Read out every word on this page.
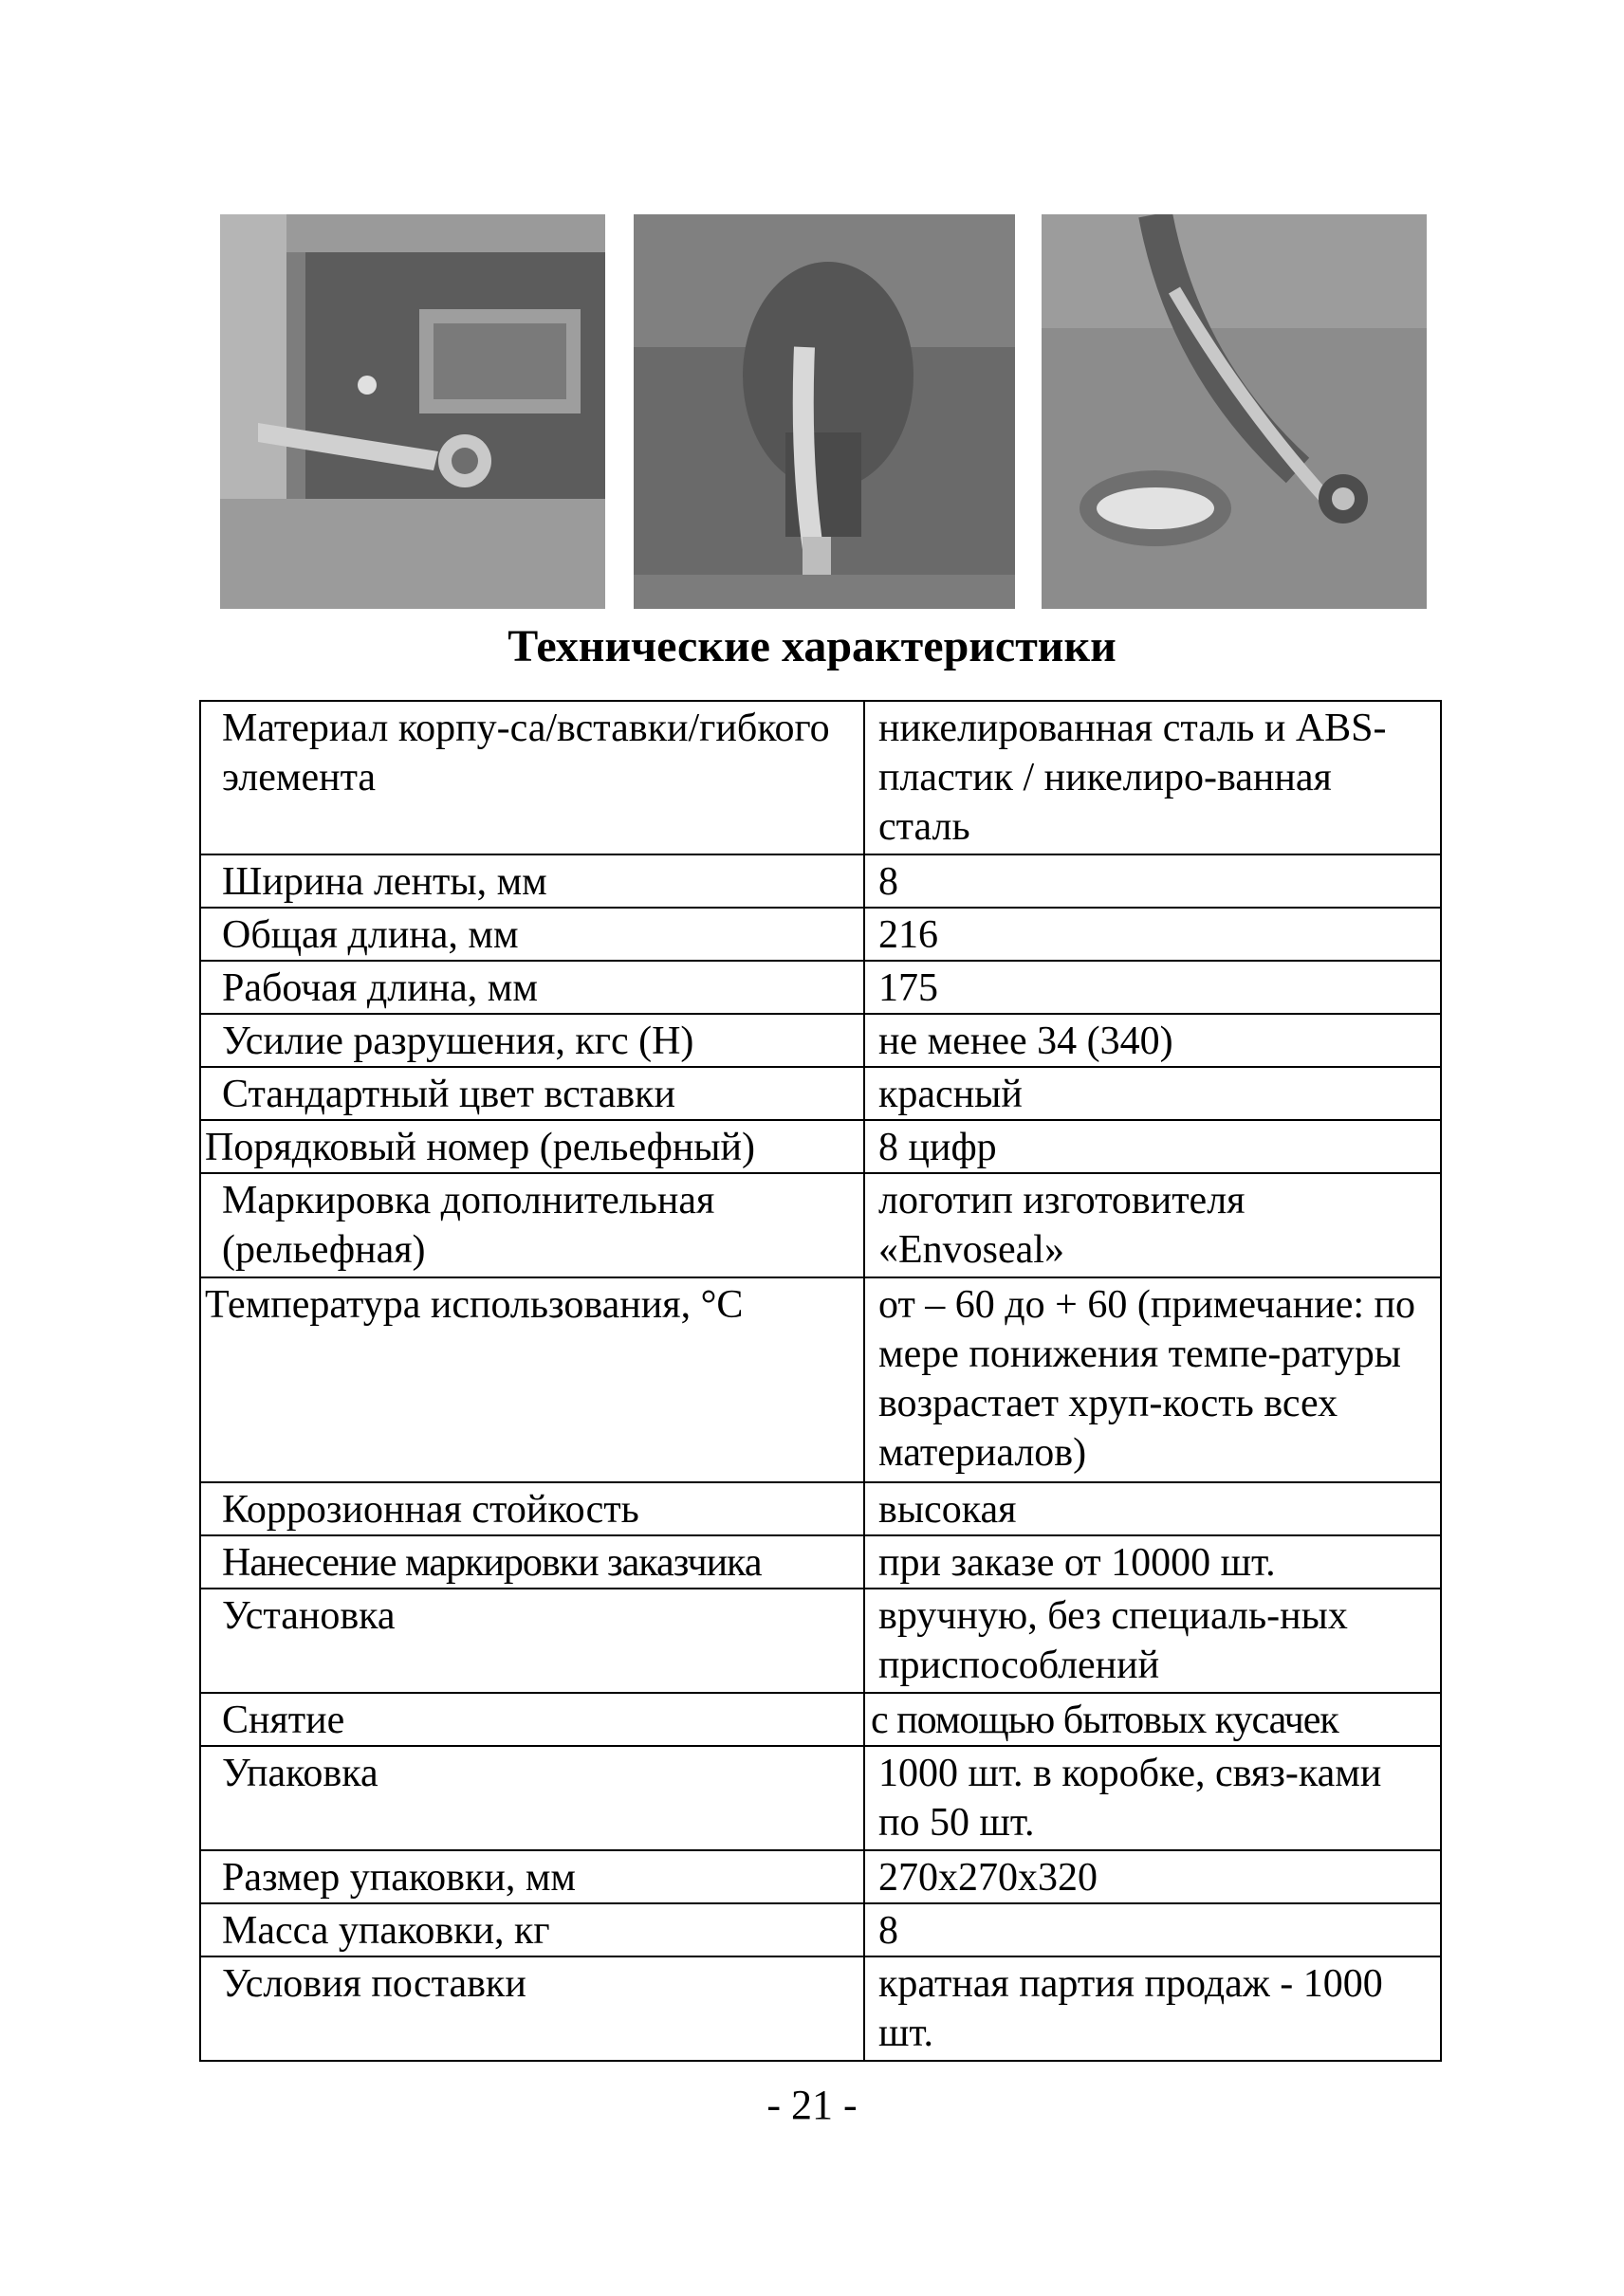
Технические характеристики
Материал корпу-са/вставки/гибкого элемента	никелированная сталь и ABS-пластик / никелиро-ванная сталь
Ширина ленты, мм	8
Общая длина, мм	216
Рабочая длина, мм	175
Усилие разрушения, кгс (Н)	не менее 34 (340)
Стандартный цвет вставки	красный
Порядковый номер (рельефный)	8 цифр
Маркировка дополнительная (рельефная)	логотип изготовителя «Envoseal»
Температура использования, °С	от – 60 до + 60 (примечание: по мере понижения темпе-ратуры возрастает хруп-кость всех материалов)
Коррозионная стойкость	высокая
Нанесение маркировки заказчика	при заказе от 10000 шт.
Установка	вручную, без специаль-ных приспособлений
Снятие	с помощью бытовых кусачек
Упаковка	1000 шт. в коробке, связ-ками по 50 шт.
Размер упаковки, мм	270х270х320
Масса упаковки, кг	8
Условия поставки	кратная партия продаж - 1000 шт.
- 21 -
